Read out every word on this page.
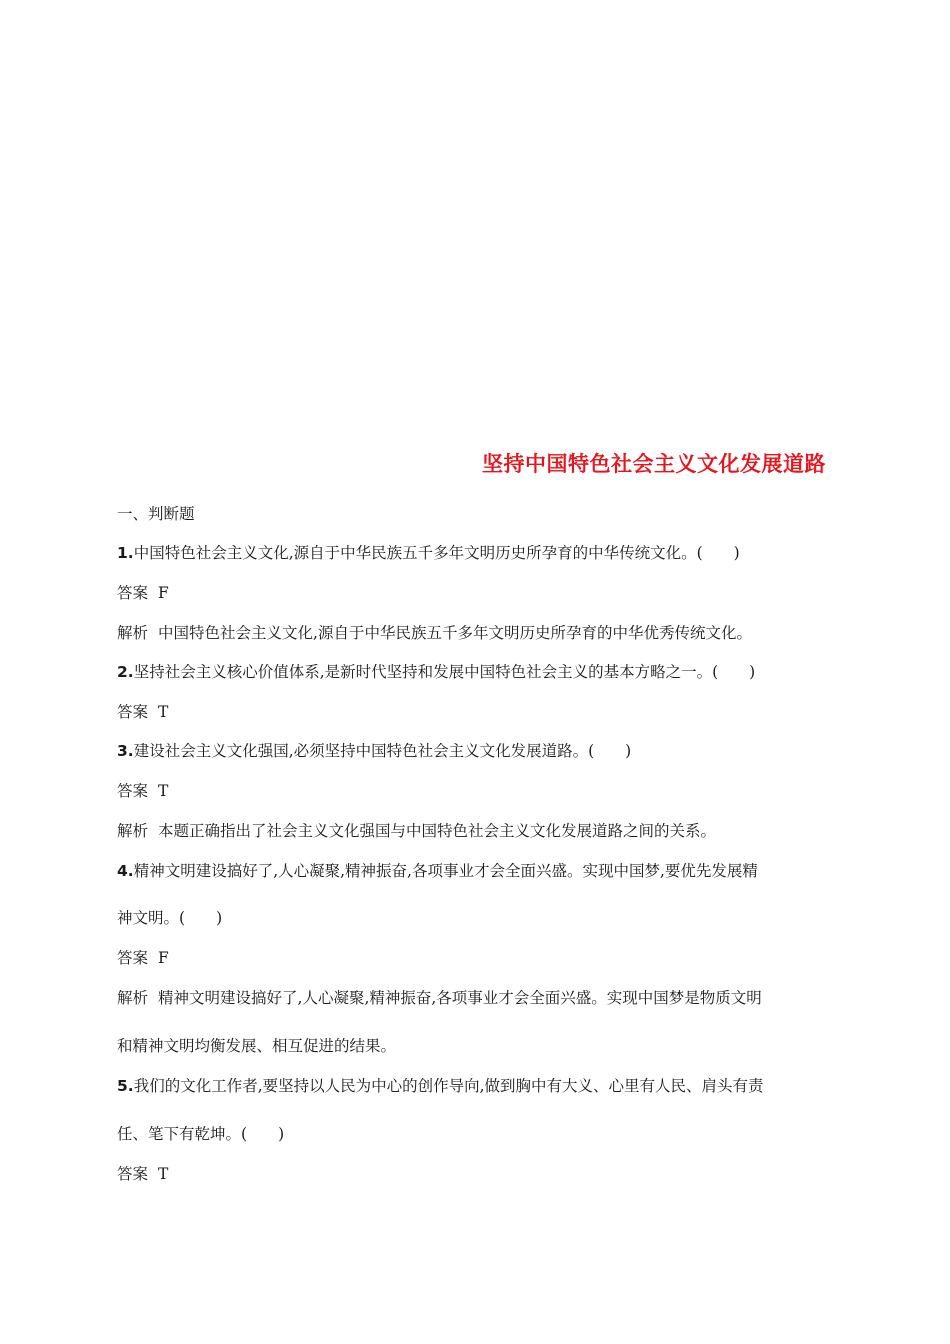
坚持中国特色社会主义文化发展道路

一、判断题

1.中国特色社会主义文化,源自于中华民族五千多年文明历史所孕育的中华传统文化。(　　)

答案 F

解析 中国特色社会主义文化,源自于中华民族五千多年文明历史所孕育的中华优秀传统文化。

2.坚持社会主义核心价值体系,是新时代坚持和发展中国特色社会主义的基本方略之一。(　　)

答案 T

3.建设社会主义文化强国,必须坚持中国特色社会主义文化发展道路。(　　)

答案 T

解析 本题正确指出了社会主义文化强国与中国特色社会主义文化发展道路之间的关系。

4.精神文明建设搞好了,人心凝聚,精神振奋,各项事业才会全面兴盛。实现中国梦,要优先发展精

神文明。(　　)

答案 F

解析 精神文明建设搞好了,人心凝聚,精神振奋,各项事业才会全面兴盛。实现中国梦是物质文明

和精神文明均衡发展、相互促进的结果。

5.我们的文化工作者,要坚持以人民为中心的创作导向,做到胸中有大义、心里有人民、肩头有责

任、笔下有乾坤。(　　)

答案 T
